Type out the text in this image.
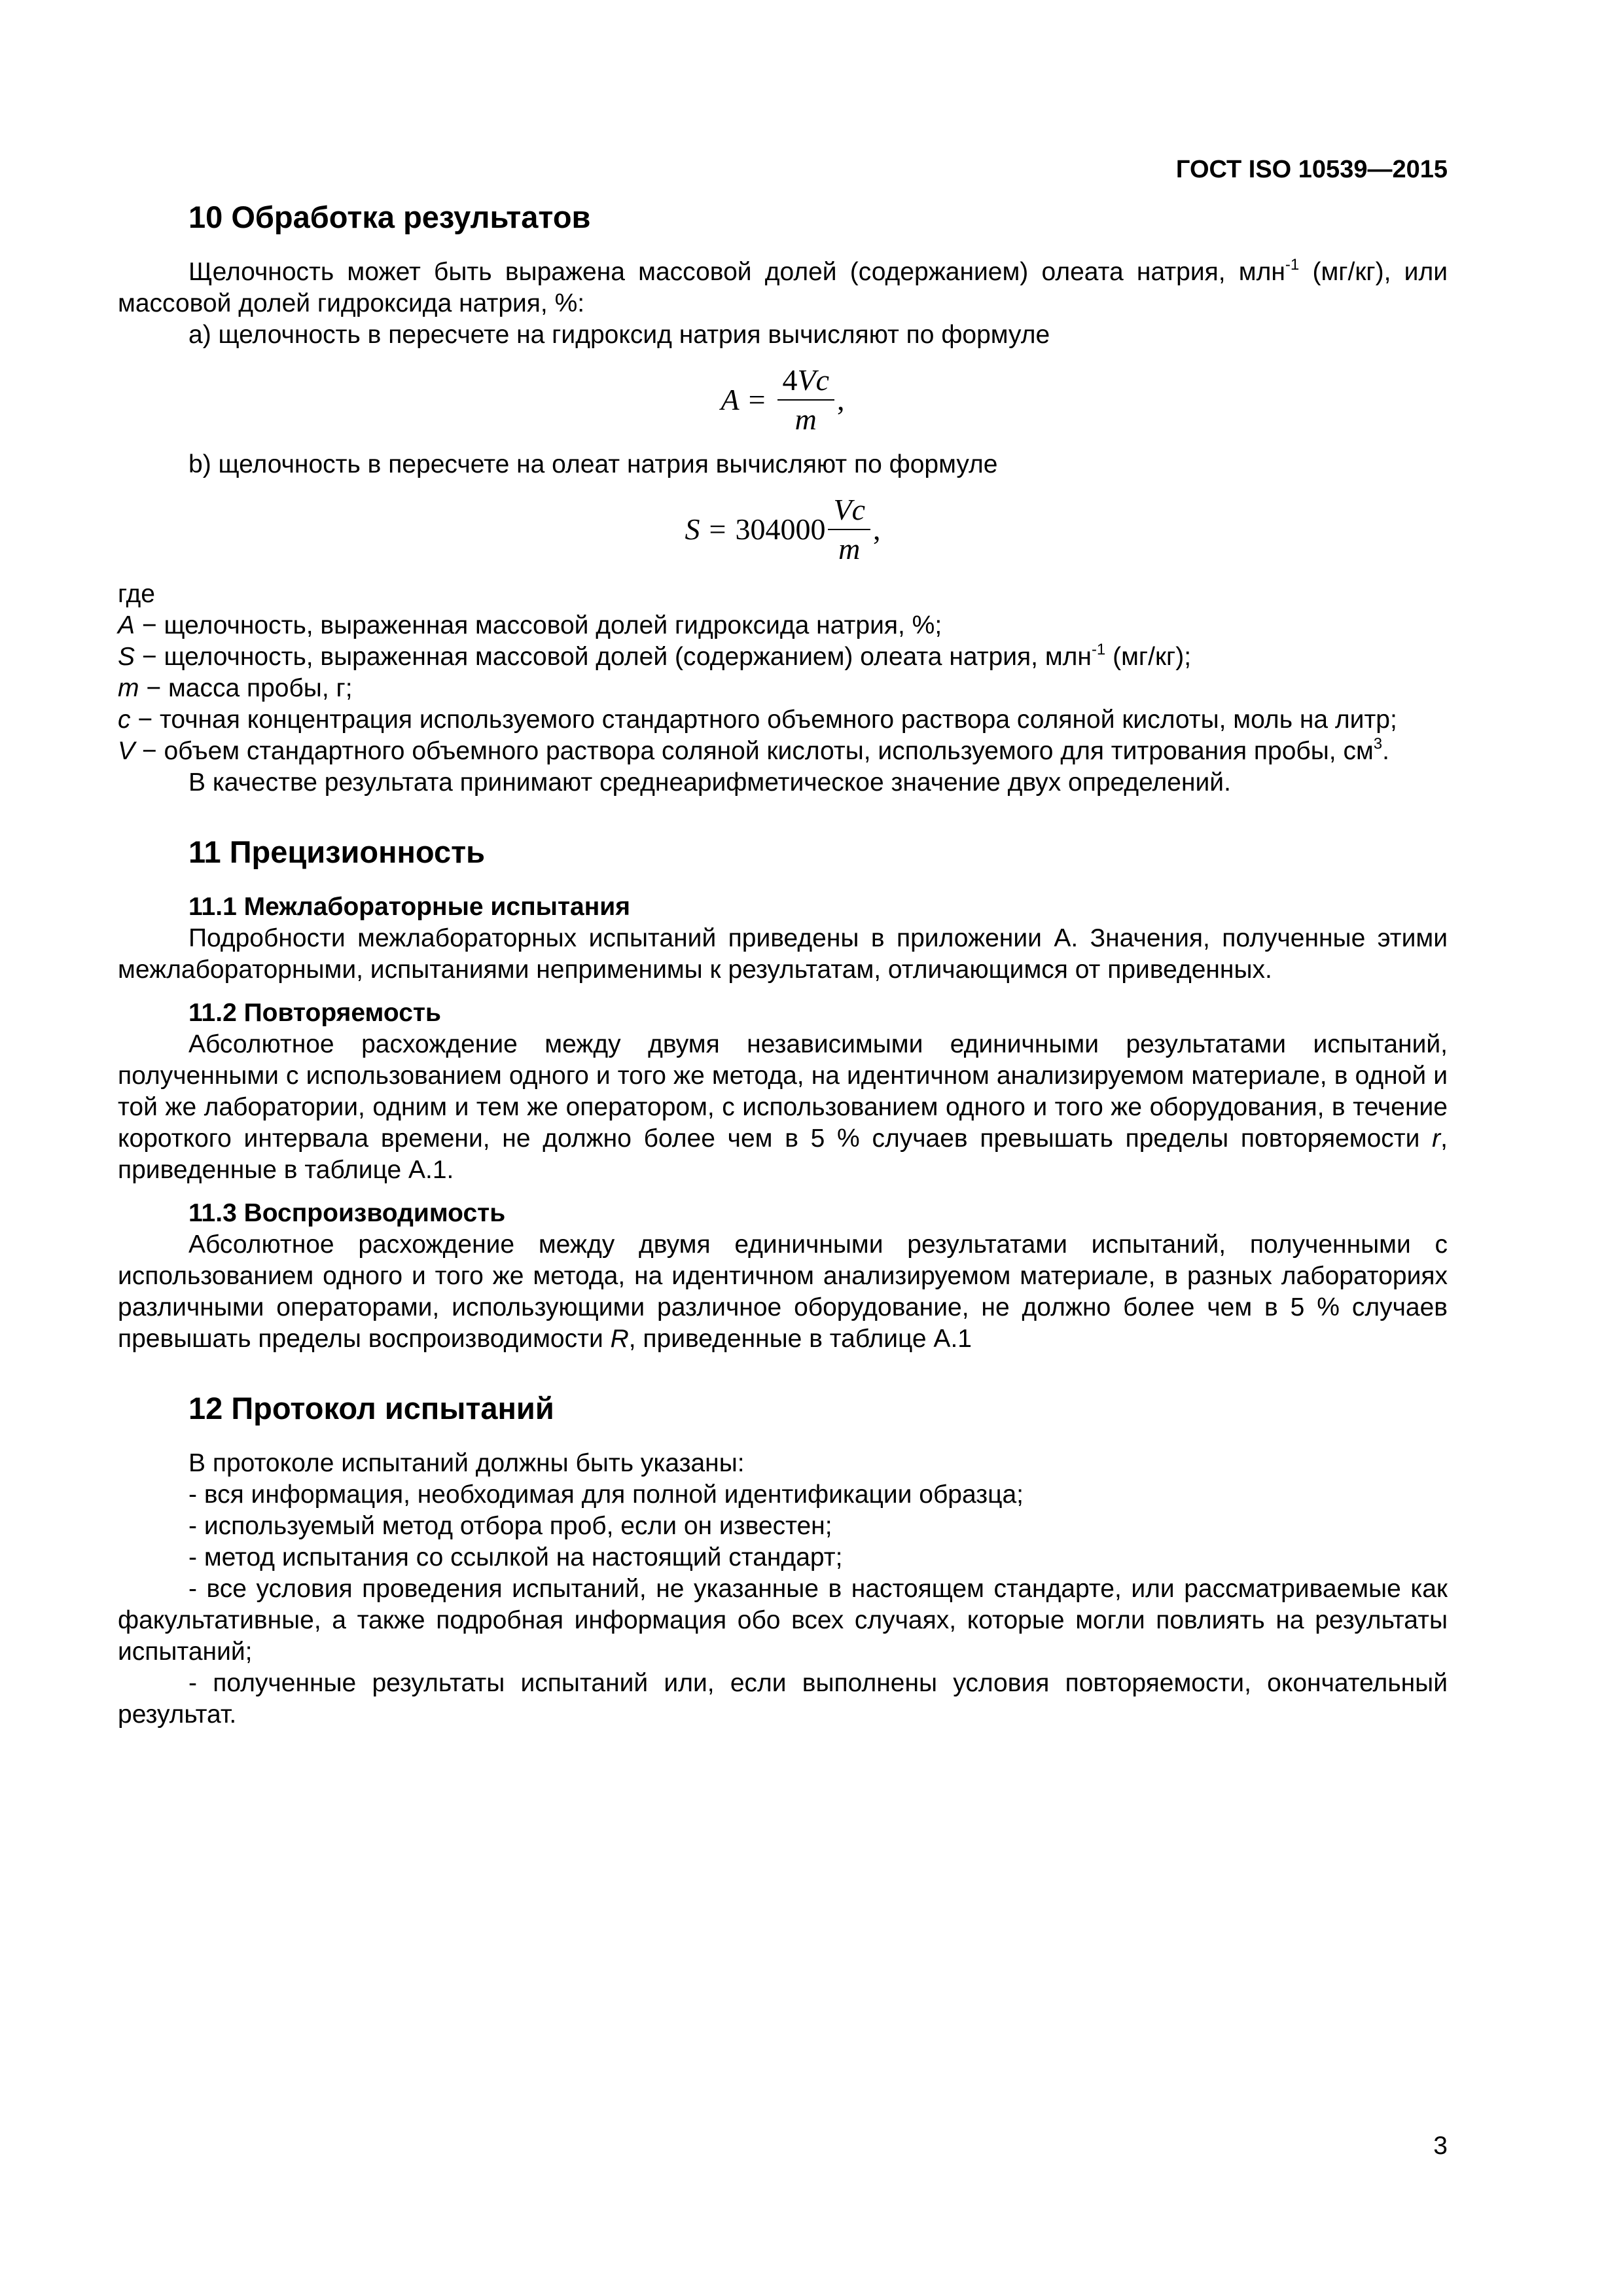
ГОСТ ISO 10539—2015
10 Обработка результатов

Щелочность может быть выражена массовой долей (содержанием) олеата натрия, млн$^{-1}$ (мг/кг), или массовой долей гидроксида натрия, %:

а) щелочность в пересчете на гидроксид натрия вычисляют по формуле

$A = \frac{4Vc}{m}$ ,

b) щелочность в пересчете на олеат натрия вычисляют по формуле

$S = 304000 \frac{Vc}{m}$ ,

где

A − щелочность, выраженная массовой долей гидроксида натрия, %;

S − щелочность, выраженная массовой долей (содержанием) олеата натрия, млн$^{-1}$ (мг/кг);

m − масса пробы, г;

c − точная концентрация используемого стандартного объемного раствора соляной кислоты, моль на литр;

V − объем стандартного объемного раствора соляной кислоты, используемого для титрования пробы, $см^3$.

В качестве результата принимают среднеарифметическое значение двух определений.

11 Прецизионность
11.1 Межлабораторные испытания

Подробности межлабораторных испытаний приведены в приложении А. Значения, полученные этими межлабораторными, испытаниями неприменимы к результатам, отличающимся от приведенных.

11.2 Повторяемость

Абсолютное расхождение между двумя независимыми единичными результатами испытаний, полученными с использованием одного и того же метода, на идентичном анализируемом материале, в одной и той же лаборатории, одним и тем же оператором, с использованием одного и того же оборудования, в течение короткого интервала времени, не должно более чем в 5 % случаев превышать пределы повторяемости r, приведенные в таблице А.1.

11.3 Воспроизводимость

Абсолютное расхождение между двумя единичными результатами испытаний, полученными с использованием одного и того же метода, на идентичном анализируемом материале, в разных лабораториях различными операторами, использующими различное оборудование, не должно более чем в 5 % случаев превышать пределы воспроизводимости R, приведенные в таблице А.1

12 Протокол испытаний

В протоколе испытаний должны быть указаны:

- вся информация, необходимая для полной идентификации образца;

- используемый метод отбора проб, если он известен;

- метод испытания со ссылкой на настоящий стандарт;

- все условия проведения испытаний, не указанные в настоящем стандарте, или рассматриваемые как факультативные, а также подробная информация обо всех случаях, которые могли повлиять на результаты испытаний;

- полученные результаты испытаний или, если выполнены условия повторяемости, окончательный результат.

3
